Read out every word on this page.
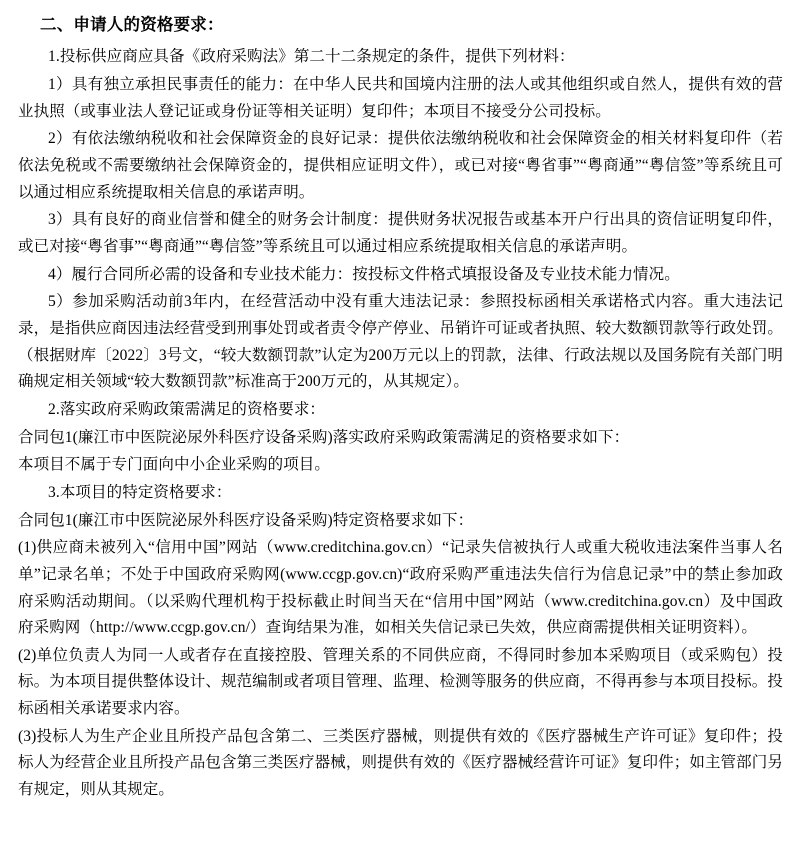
二、申请人的资格要求：

1.投标供应商应具备《政府采购法》第二十二条规定的条件，提供下列材料：

1）具有独立承担民事责任的能力：在中华人民共和国境内注册的法人或其他组织或自然人，提供有效的营业执照（或事业法人登记证或身份证等相关证明）复印件；本项目不接受分公司投标。

2）有依法缴纳税收和社会保障资金的良好记录：提供依法缴纳税收和社会保障资金的相关材料复印件（若依法免税或不需要缴纳社会保障资金的，提供相应证明文件），或已对接“粤省事”“粤商通”“粤信签”等系统且可以通过相应系统提取相关信息的承诺声明。

3）具有良好的商业信誉和健全的财务会计制度：提供财务状况报告或基本开户行出具的资信证明复印件，或已对接“粤省事”“粤商通”“粤信签”等系统且可以通过相应系统提取相关信息的承诺声明。

4）履行合同所必需的设备和专业技术能力：按投标文件格式填报设备及专业技术能力情况。

5）参加采购活动前3年内，在经营活动中没有重大违法记录：参照投标函相关承诺格式内容。重大违法记录，是指供应商因违法经营受到刑事处罚或者责令停产停业、吊销许可证或者执照、较大数额罚款等行政处罚。（根据财库〔2022〕3号文，“较大数额罚款”认定为200万元以上的罚款，法律、行政法规以及国务院有关部门明确规定相关领域“较大数额罚款”标准高于200万元的，从其规定）。

2.落实政府采购政策需满足的资格要求：

合同包1(廉江市中医院泌尿外科医疗设备采购)落实政府采购政策需满足的资格要求如下：

本项目不属于专门面向中小企业采购的项目。

3.本项目的特定资格要求：

合同包1(廉江市中医院泌尿外科医疗设备采购)特定资格要求如下：

(1)供应商未被列入“信用中国”网站（www.creditchina.gov.cn）“记录失信被执行人或重大税收违法案件当事人名单”记录名单；不处于中国政府采购网(www.ccgp.gov.cn)“政府采购严重违法失信行为信息记录”中的禁止参加政府采购活动期间。（以采购代理机构于投标截止时间当天在“信用中国”网站（www.creditchina.gov.cn）及中国政府采购网（http://www.ccgp.gov.cn/）查询结果为准，如相关失信记录已失效，供应商需提供相关证明资料）。

(2)单位负责人为同一人或者存在直接控股、管理关系的不同供应商，不得同时参加本采购项目（或采购包）投标。为本项目提供整体设计、规范编制或者项目管理、监理、检测等服务的供应商，不得再参与本项目投标。投标函相关承诺要求内容。

(3)投标人为生产企业且所投产品包含第二、三类医疗器械，则提供有效的《医疗器械生产许可证》复印件；投标人为经营企业且所投产品包含第三类医疗器械，则提供有效的《医疗器械经营许可证》复印件；如主管部门另有规定，则从其规定。
